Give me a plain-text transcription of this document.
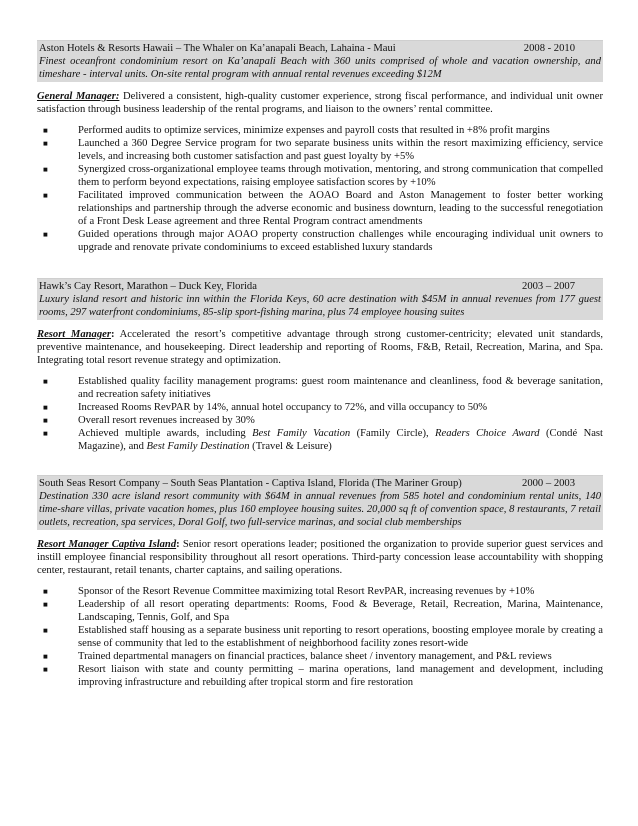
Aston Hotels & Resorts Hawaii – The Whaler on Ka’anapali Beach, Lahaina - Maui	2008 - 2010
Finest oceanfront condominium resort on Ka’anapali Beach with 360 units comprised of whole and vacation ownership, and timeshare - interval units. On-site rental program with annual rental revenues exceeding $12M
General Manager: Delivered a consistent, high-quality customer experience, strong fiscal performance, and individual unit owner satisfaction through business leadership of the rental programs, and liaison to the owners’ rental committee.
■	Performed audits to optimize services, minimize expenses and payroll costs that resulted in +8% profit margins
■	Launched a 360 Degree Service program for two separate business units within the resort maximizing efficiency, service levels, and increasing both customer satisfaction and past guest loyalty by +5%
■	Synergized cross-organizational employee teams through motivation, mentoring, and strong communication that compelled them to perform beyond expectations, raising employee satisfaction scores by +10%
■	Facilitated improved communication between the AOAO Board and Aston Management to foster better working relationships and partnership through the adverse economic and business downturn, leading to the successful renegotiation of a Front Desk Lease agreement and three Rental Program contract amendments
■	Guided operations through major AOAO property construction challenges while encouraging individual unit owners to upgrade and renovate private condominiums to exceed established luxury standards
Hawk’s Cay Resort, Marathon – Duck Key, Florida	2003 – 2007
Luxury island resort and historic inn within the Florida Keys, 60 acre destination with $45M in annual revenues from 177 guest rooms, 297 waterfront condominiums, 85-slip sport-fishing marina, plus 74 employee housing suites
Resort Manager: Accelerated the resort’s competitive advantage through strong customer-centricity; elevated unit standards, preventive maintenance, and housekeeping. Direct leadership and reporting of Rooms, F&B, Retail, Recreation, Marina, and Spa. Integrating total resort revenue strategy and optimization.
■	Established quality facility management programs: guest room maintenance and cleanliness, food & beverage sanitation, and recreation safety initiatives
■	Increased Rooms RevPAR by 14%, annual hotel occupancy to 72%, and villa occupancy to 50%
■	Overall resort revenues increased by 30%
■	Achieved multiple awards, including Best Family Vacation (Family Circle), Readers Choice Award (Condé Nast Magazine), and Best Family Destination (Travel & Leisure)
South Seas Resort Company – South Seas Plantation - Captiva Island, Florida (The Mariner Group)	2000 – 2003
Destination 330 acre island resort community with $64M in annual revenues from 585 hotel and condominium rental units, 140 time-share villas, private vacation homes, plus 160 employee housing suites. 20,000 sq ft of convention space, 8 restaurants, 7 retail outlets, recreation, spa services, Doral Golf, two full-service marinas, and social club memberships
Resort Manager Captiva Island: Senior resort operations leader; positioned the organization to provide superior guest services and instill employee financial responsibility throughout all resort operations. Third-party concession lease accountability with shopping center, restaurant, retail tenants, charter captains, and sailing operations.
■	Sponsor of the Resort Revenue Committee maximizing total Resort RevPAR, increasing revenues by +10%
■	Leadership of all resort operating departments: Rooms, Food & Beverage, Retail, Recreation, Marina, Maintenance, Landscaping, Tennis, Golf, and Spa
■	Established staff housing as a separate business unit reporting to resort operations, boosting employee morale by creating a sense of community that led to the establishment of neighborhood facility zones resort-wide
■	Trained departmental managers on financial practices, balance sheet / inventory management, and P&L reviews
■	Resort liaison with state and county permitting – marina operations, land management and development, including improving infrastructure and rebuilding after tropical storm and fire restoration
